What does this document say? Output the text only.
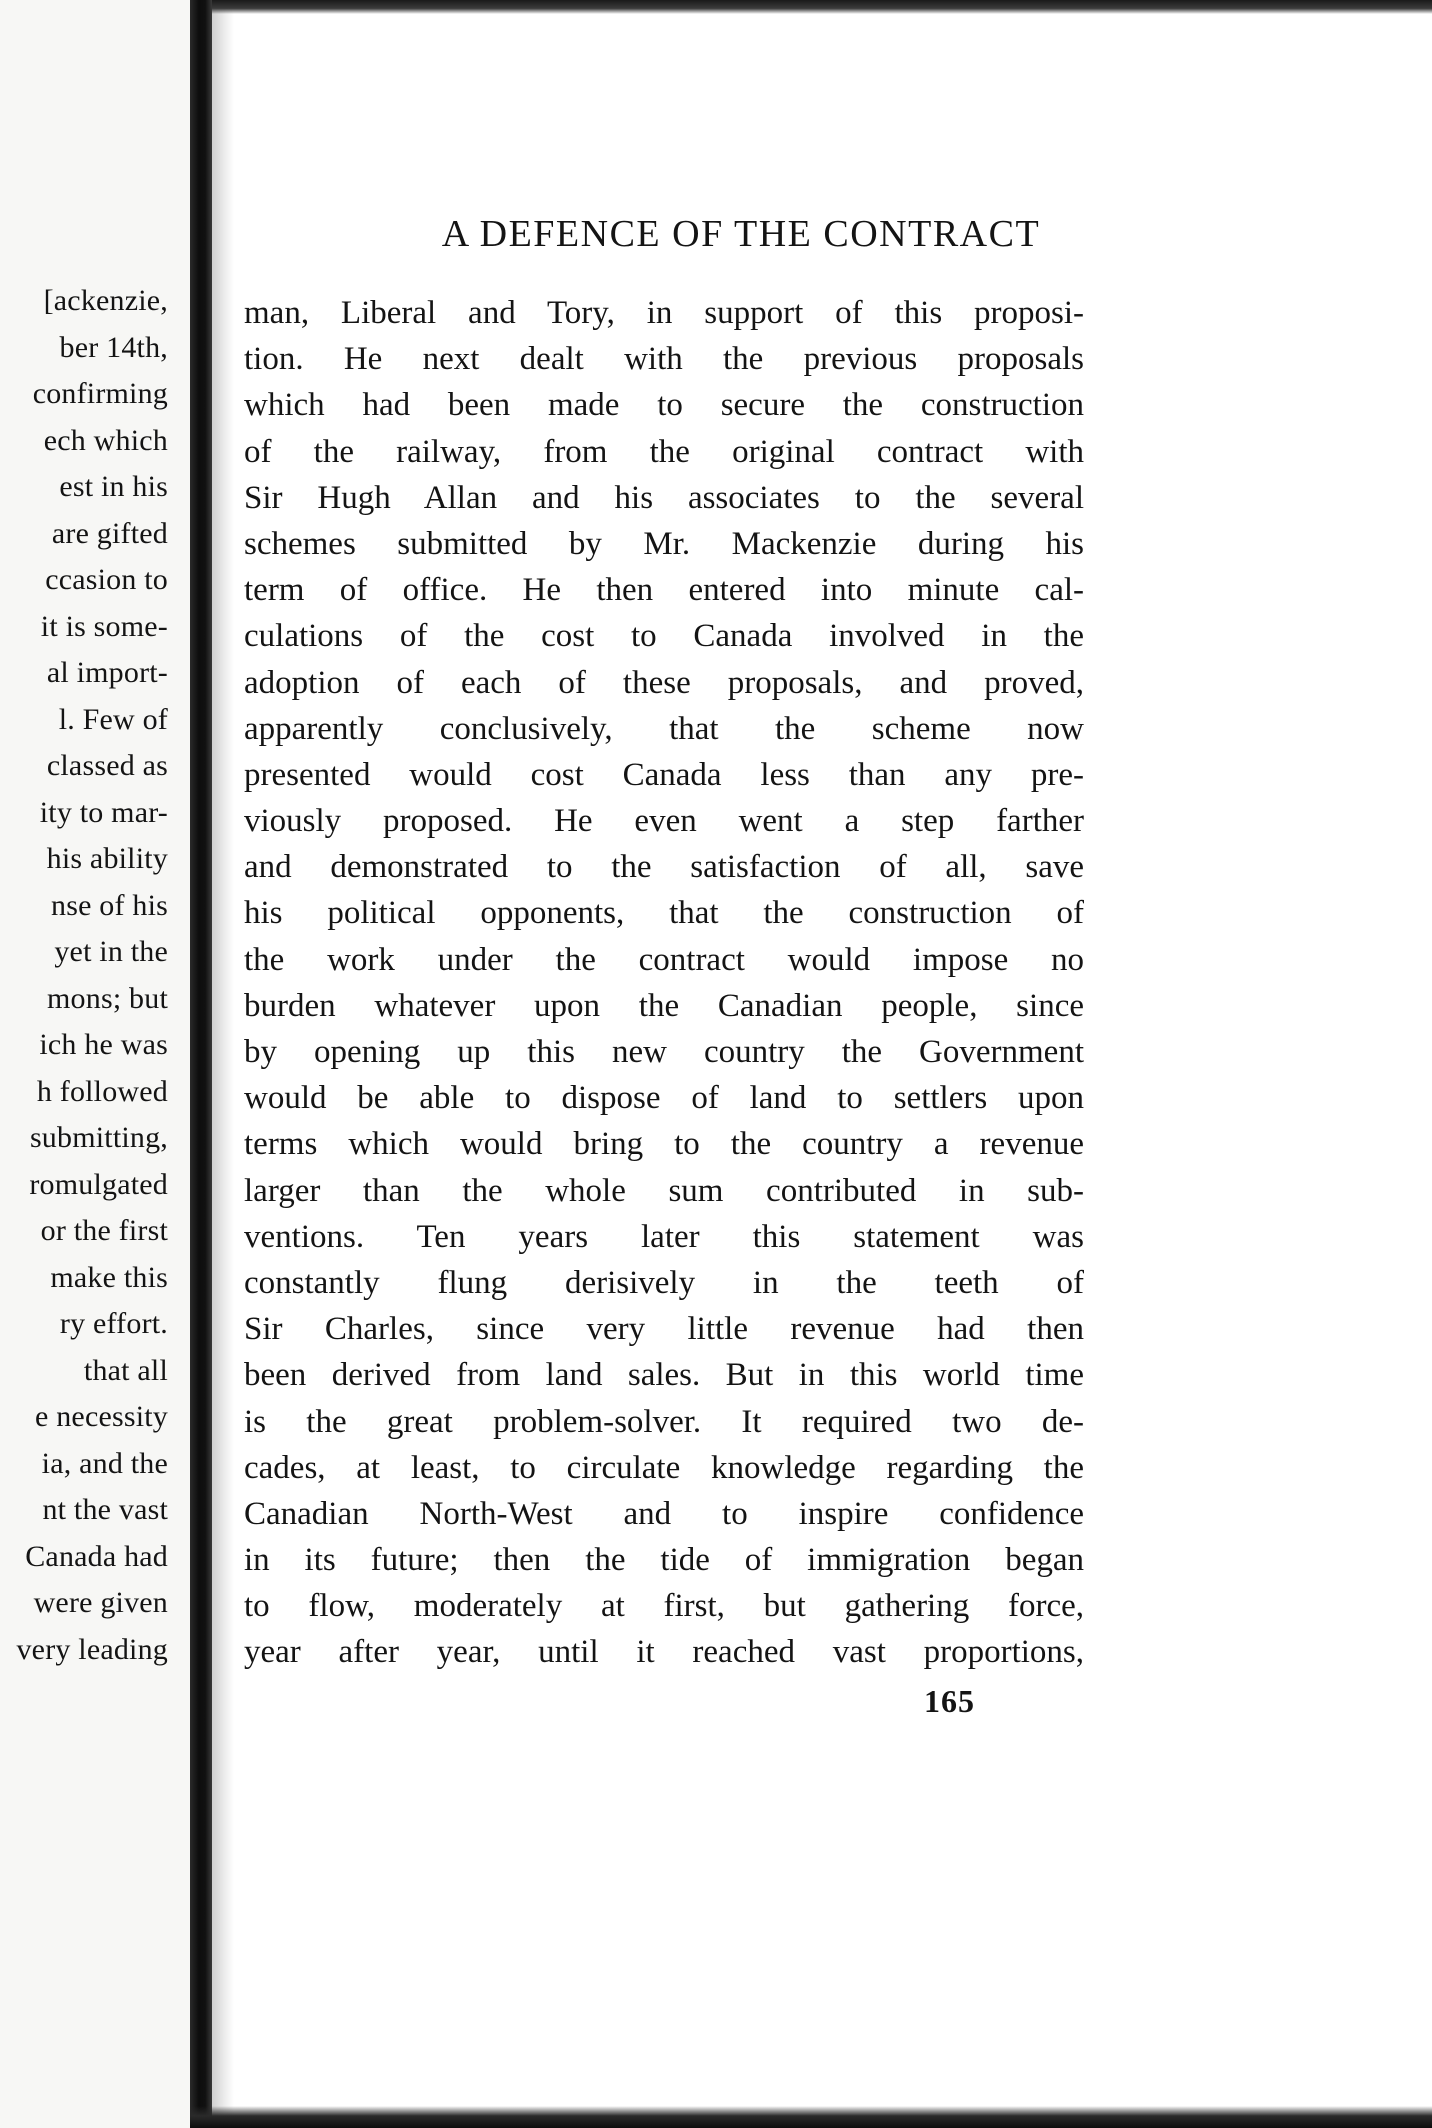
[ackenzie,
ber 14th,
confirming
ech which
est in his
are gifted
ccasion to
it is some-
al import-
l. Few of
classed as
ity to mar-
his ability
nse of his
yet in the
mons; but
ich he was
h followed
submitting,
romulgated
or the first
make this
ry effort.
that all
e necessity
ia, and the
nt the vast
Canada had
were given
very leading
A DEFENCE OF THE CONTRACT
man, Liberal and Tory, in support of this proposi-
tion. He next dealt with the previous proposals
which had been made to secure the construction
of the railway, from the original contract with
Sir Hugh Allan and his associates to the several
schemes submitted by Mr. Mackenzie during his
term of office. He then entered into minute cal-
culations of the cost to Canada involved in the
adoption of each of these proposals, and proved,
apparently conclusively, that the scheme now
presented would cost Canada less than any pre-
viously proposed. He even went a step farther
and demonstrated to the satisfaction of all, save
his political opponents, that the construction of
the work under the contract would impose no
burden whatever upon the Canadian people, since
by opening up this new country the Government
would be able to dispose of land to settlers upon
terms which would bring to the country a revenue
larger than the whole sum contributed in sub-
ventions. Ten years later this statement was
constantly flung derisively in the teeth of
Sir Charles, since very little revenue had then
been derived from land sales. But in this world time
is the great problem-solver. It required two de-
cades, at least, to circulate knowledge regarding the
Canadian North-West and to inspire confidence
in its future; then the tide of immigration began
to flow, moderately at first, but gathering force,
year after year, until it reached vast proportions,
165
